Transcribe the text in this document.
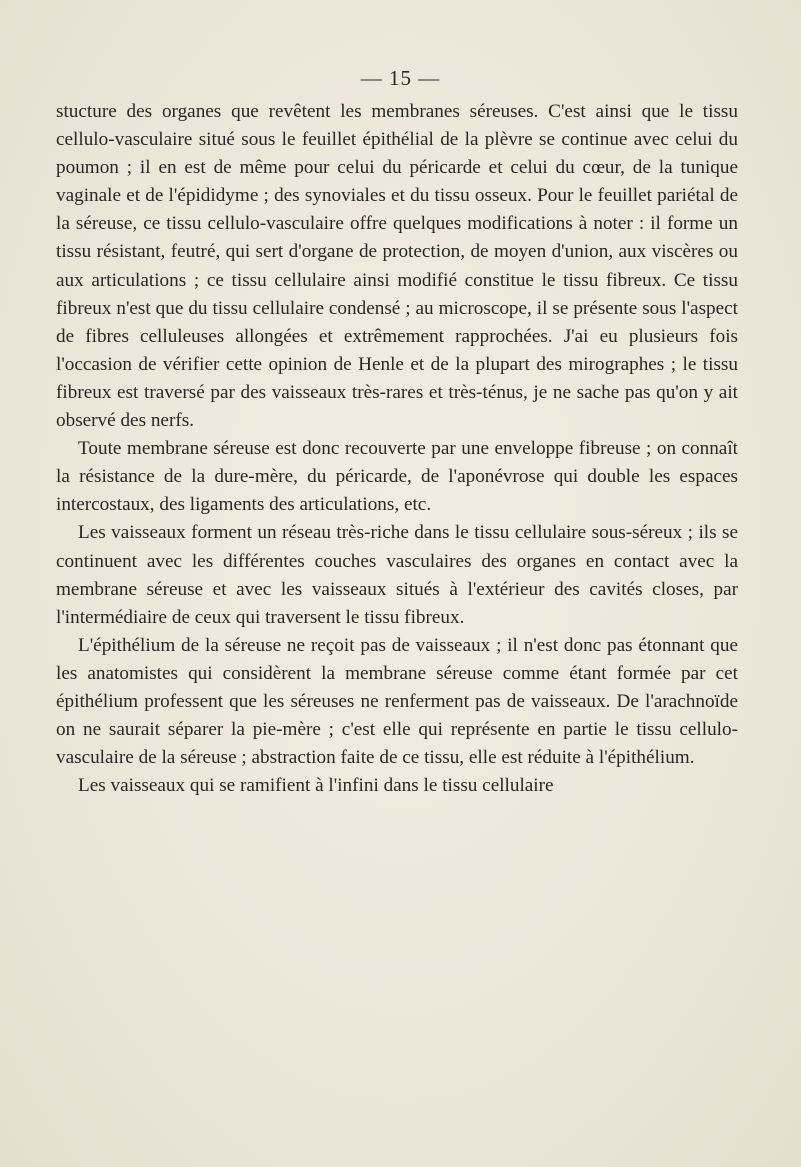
— 15 —

stucture des organes que revêtent les membranes séreuses. C'est ainsi que le tissu cellulo-vasculaire situé sous le feuillet épithélial de la plèvre se continue avec celui du poumon ; il en est de même pour celui du péricarde et celui du cœur, de la tunique vaginale et de l'épididyme ; des synoviales et du tissu osseux. Pour le feuillet pariétal de la séreuse, ce tissu cellulo-vasculaire offre quelques modifications à noter : il forme un tissu résistant, feutré, qui sert d'organe de protection, de moyen d'union, aux viscères ou aux articulations ; ce tissu cellulaire ainsi modifié constitue le tissu fibreux. Ce tissu fibreux n'est que du tissu cellulaire condensé ; au microscope, il se présente sous l'aspect de fibres celluleuses allongées et extrêmement rapprochées. J'ai eu plusieurs fois l'occasion de vérifier cette opinion de Henle et de la plupart des mirographes ; le tissu fibreux est traversé par des vaisseaux très-rares et très-ténus, je ne sache pas qu'on y ait observé des nerfs.

Toute membrane séreuse est donc recouverte par une enveloppe fibreuse ; on connaît la résistance de la dure-mère, du péricarde, de l'aponévrose qui double les espaces intercostaux, des ligaments des articulations, etc.

Les vaisseaux forment un réseau très-riche dans le tissu cellulaire sous-séreux ; ils se continuent avec les différentes couches vasculaires des organes en contact avec la membrane séreuse et avec les vaisseaux situés à l'extérieur des cavités closes, par l'intermédiaire de ceux qui traversent le tissu fibreux.

L'épithélium de la séreuse ne reçoit pas de vaisseaux ; il n'est donc pas étonnant que les anatomistes qui considèrent la membrane séreuse comme étant formée par cet épithélium professent que les séreuses ne renferment pas de vaisseaux. De l'arachnoïde on ne saurait séparer la pie-mère ; c'est elle qui représente en partie le tissu cellulo-vasculaire de la séreuse ; abstraction faite de ce tissu, elle est réduite à l'épithélium.

Les vaisseaux qui se ramifient à l'infini dans le tissu cellulaire
